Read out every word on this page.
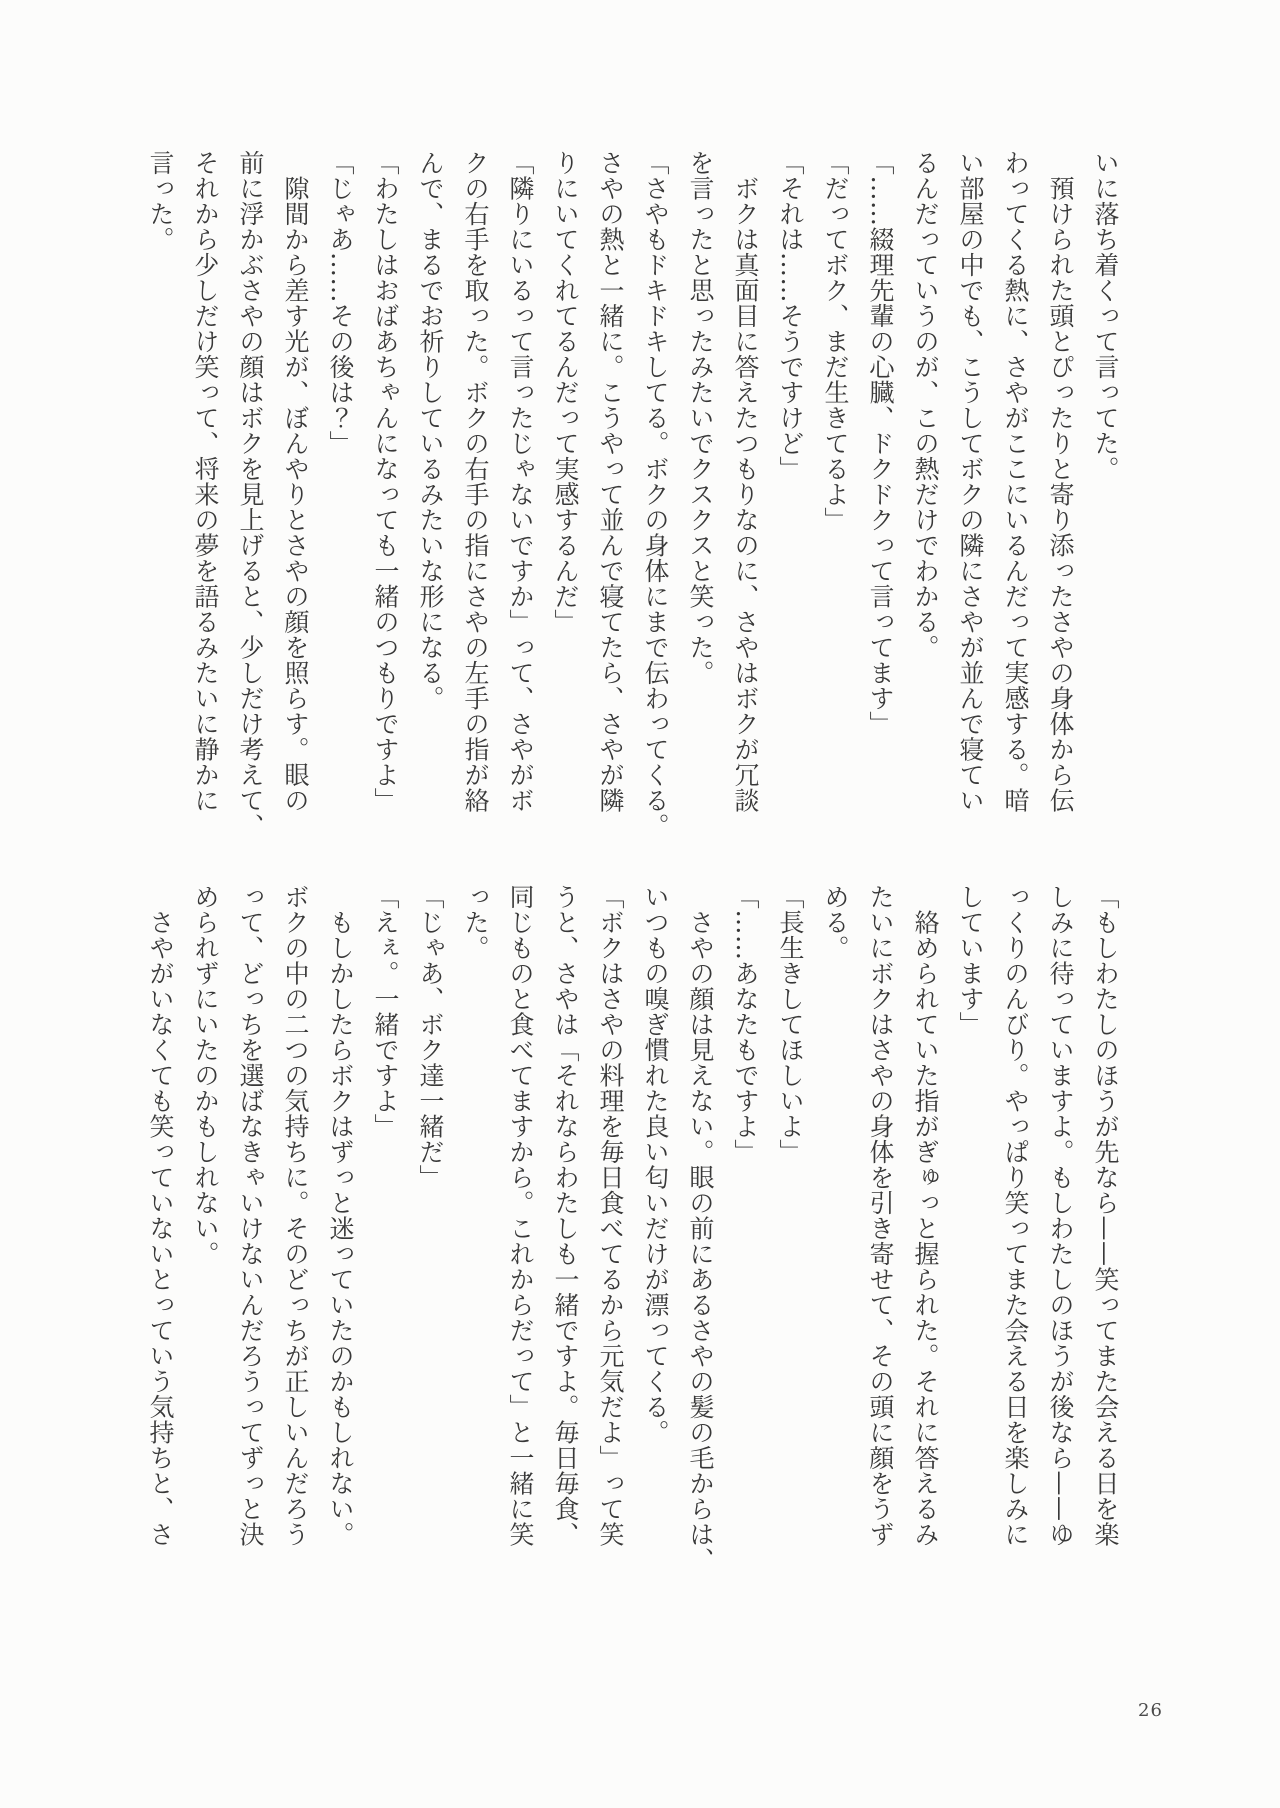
いに落ち着くって言ってた。

　預けられた頭とぴったりと寄り添ったさやの身体から伝

わってくる熱に、さやがここにいるんだって実感する。暗

い部屋の中でも、こうしてボクの隣にさやが並んで寝てい

るんだっていうのが、この熱だけでわかる。

「……綴理先輩の心臓、ドクドクって言ってます」

「だってボク、まだ生きてるよ」

「それは……そうですけど」

　ボクは真面目に答えたつもりなのに、さやはボクが冗談

を言ったと思ったみたいでクスクスと笑った。

「さやもドキドキしてる。ボクの身体にまで伝わってくる。

さやの熱と一緒に。こうやって並んで寝てたら、さやが隣

りにいてくれてるんだって実感するんだ」

「隣りにいるって言ったじゃないですか」って、さやがボ

クの右手を取った。ボクの右手の指にさやの左手の指が絡

んで、まるでお祈りしているみたいな形になる。

「わたしはおばあちゃんになっても一緒のつもりですよ」

「じゃあ……その後は？」

　隙間から差す光が、ぼんやりとさやの顔を照らす。眼の

前に浮かぶさやの顔はボクを見上げると、少しだけ考えて、

それから少しだけ笑って、将来の夢を語るみたいに静かに

言った。

「もしわたしのほうが先なら——笑ってまた会える日を楽

しみに待っていますよ。もしわたしのほうが後なら——ゆ

っくりのんびり。やっぱり笑ってまた会える日を楽しみに

しています」

　絡められていた指がぎゅっと握られた。それに答えるみ

たいにボクはさやの身体を引き寄せて、その頭に顔をうず

める。

「長生きしてほしいよ」

「……あなたもですよ」

　さやの顔は見えない。眼の前にあるさやの髪の毛からは、

いつもの嗅ぎ慣れた良い匂いだけが漂ってくる。

「ボクはさやの料理を毎日食べてるから元気だよ」って笑

うと、さやは「それならわたしも一緒ですよ。毎日毎食、

同じものと食べてますから。これからだって」と一緒に笑

った。

「じゃあ、ボク達一緒だ」

「えぇ。一緒ですよ」

　もしかしたらボクはずっと迷っていたのかもしれない。

ボクの中の二つの気持ちに。そのどっちが正しいんだろう

って、どっちを選ばなきゃいけないんだろうってずっと決

められずにいたのかもしれない。

　さやがいなくても笑っていないとっていう気持ちと、さ

26
